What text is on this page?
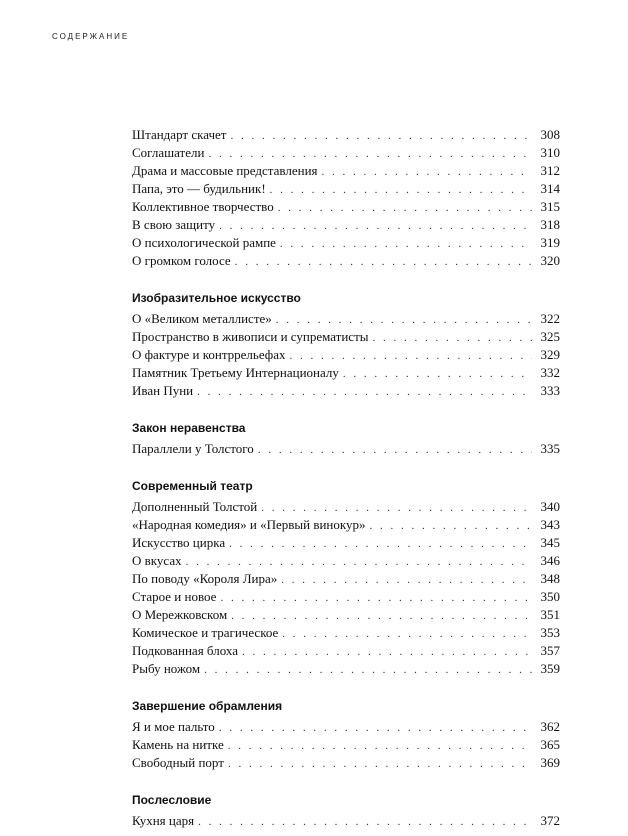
СОДЕРЖАНИЕ
Штандарт скачет . . .	308
Соглашатели . . .	310
Драма и массовые представления . . .	312
Папа, это — будильник! . . .	314
Коллективное творчество . . .	315
В свою защиту . . .	318
О психологической рампе . . .	319
О громком голосе . . .	320
Изобразительное искусство
О «Великом металлисте» . . .	322
Пространство в живописи и супрематисты . . .	325
О фактуре и контррельефах . . .	329
Памятник Третьему Интернационалу . . .	332
Иван Пуни . . .	333
Закон неравенства
Параллели у Толстого . . .	335
Современный театр
Дополненный Толстой . . .	340
«Народная комедия» и «Первый винокур» . . .	343
Искусство цирка . . .	345
О вкусах . . .	346
По поводу «Короля Лира» . . .	348
Старое и новое . . .	350
О Мережковском . . .	351
Комическое и трагическое . . .	353
Подкованная блоха . . .	357
Рыбу ножом . . .	359
Завершение обрамления
Я и мое пальто . . .	362
Камень на нитке . . .	365
Свободный порт . . .	369
Послесловие
Кухня царя . . .	372
